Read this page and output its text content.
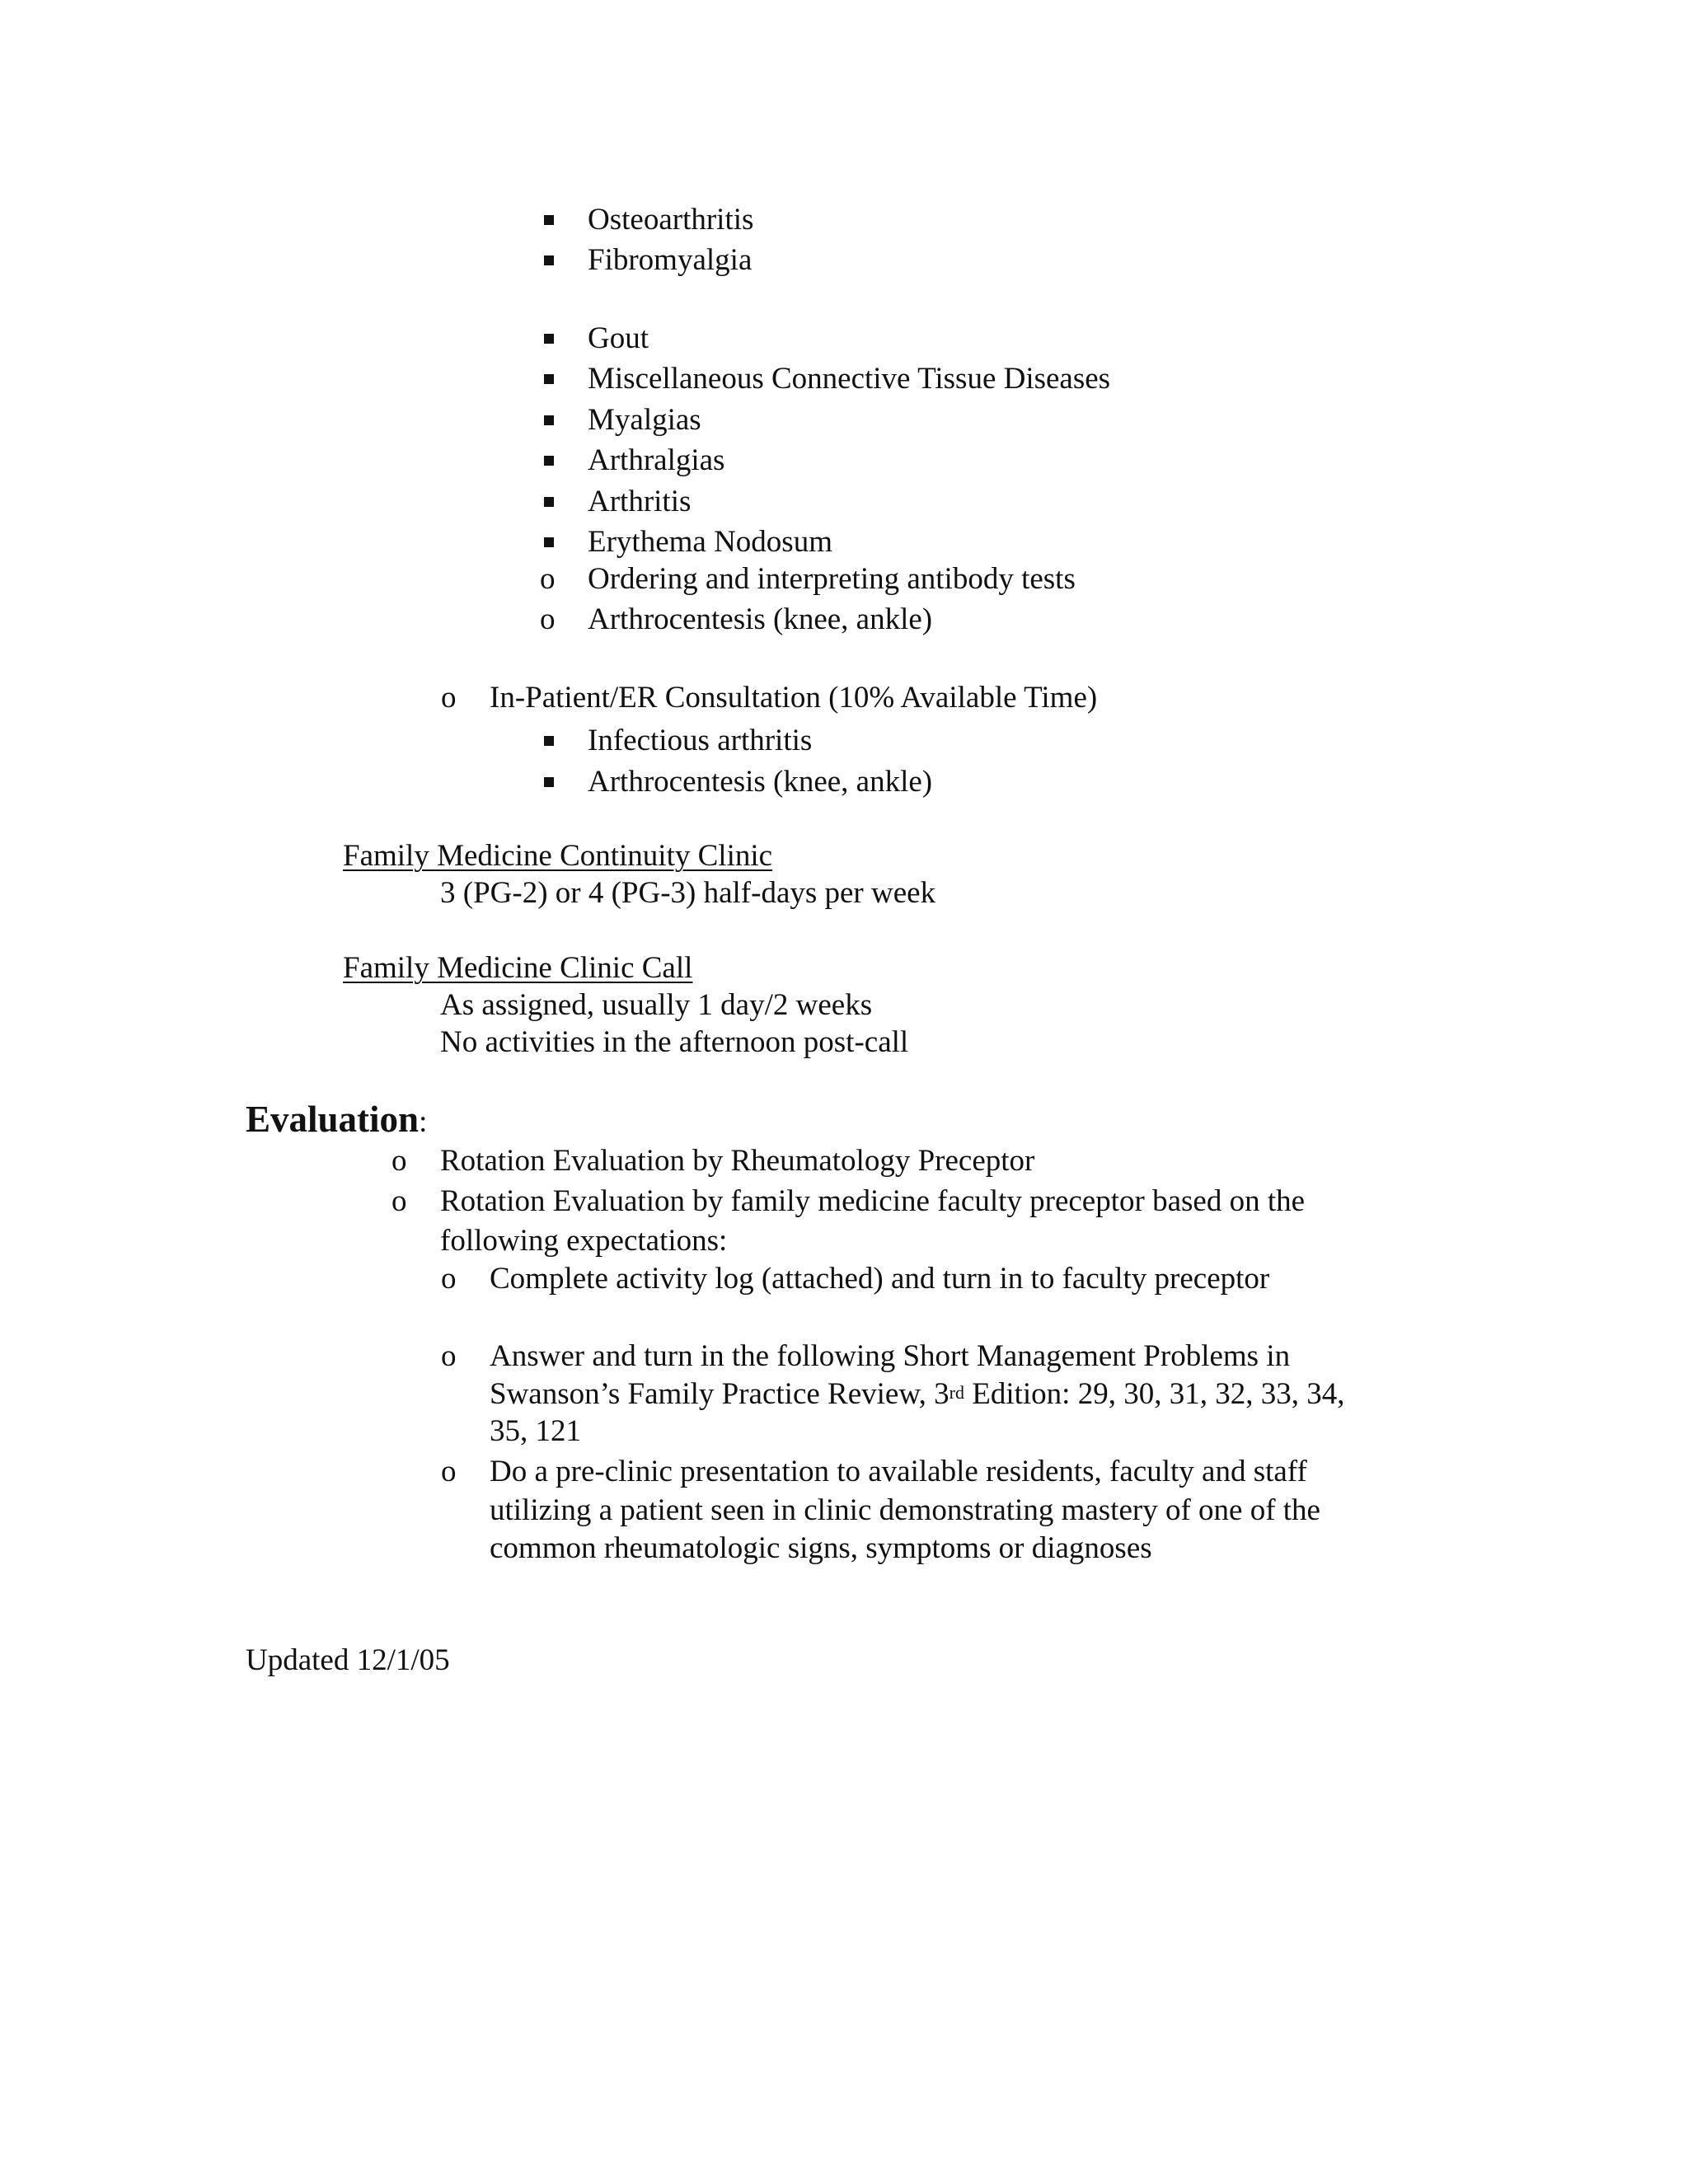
Osteoarthritis
Fibromyalgia
Gout
Miscellaneous Connective Tissue Diseases
Myalgias
Arthralgias
Arthritis
Erythema Nodosum
o Ordering and interpreting antibody tests
o Arthrocentesis (knee, ankle)
o In-Patient/ER Consultation (10% Available Time)
Infectious arthritis
Arthrocentesis (knee, ankle)
Family Medicine Continuity Clinic
3 (PG-2) or 4 (PG-3) half-days per week
Family Medicine Clinic Call
As assigned, usually 1 day/2 weeks
No activities in the afternoon post-call
Evaluation:
o Rotation Evaluation by Rheumatology Preceptor
o Rotation Evaluation by family medicine faculty preceptor based on the
following expectations:
o Complete activity log (attached) and turn in to faculty preceptor
o Answer and turn in the following Short Management Problems in
Swanson’s Family Practice Review, 3rd Edition: 29, 30, 31, 32, 33, 34,
35, 121
o Do a pre-clinic presentation to available residents, faculty and staff
utilizing a patient seen in clinic demonstrating mastery of one of the
common rheumatologic signs, symptoms or diagnoses
Updated 12/1/05
